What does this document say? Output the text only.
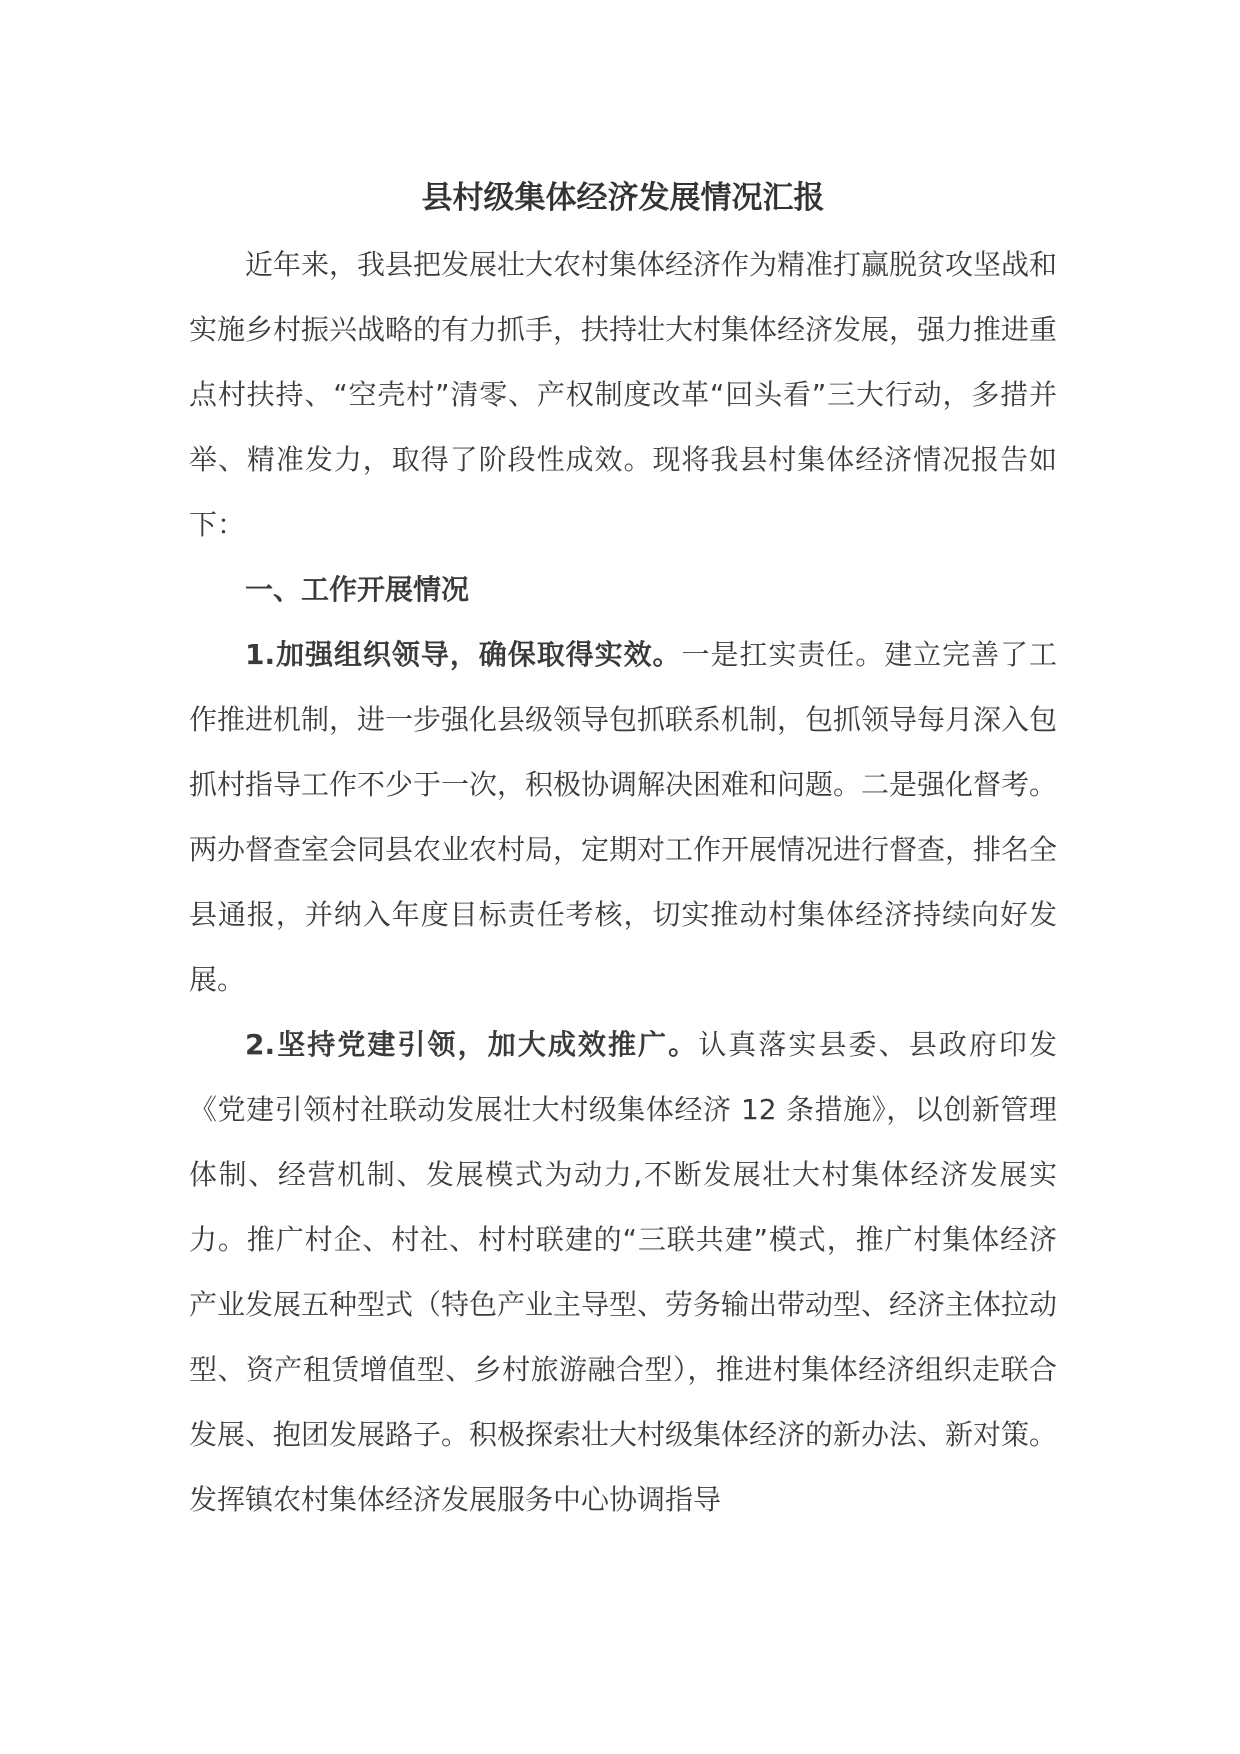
县村级集体经济发展情况汇报

近年来，我县把发展壮大农村集体经济作为精准打赢脱贫攻坚战和实施乡村振兴战略的有力抓手，扶持壮大村集体经济发展，强力推进重点村扶持、“空壳村”清零、产权制度改革“回头看”三大行动，多措并举、精准发力，取得了阶段性成效。现将我县村集体经济情况报告如下：

一、工作开展情况

1.加强组织领导，确保取得实效。一是扛实责任。建立完善了工作推进机制，进一步强化县级领导包抓联系机制，包抓领导每月深入包抓村指导工作不少于一次，积极协调解决困难和问题。二是强化督考。两办督查室会同县农业农村局，定期对工作开展情况进行督查，排名全县通报，并纳入年度目标责任考核，切实推动村集体经济持续向好发展。

2.坚持党建引领，加大成效推广。认真落实县委、县政府印发《党建引领村社联动发展壮大村级集体经济 12 条措施》，以创新管理体制、经营机制、发展模式为动力,不断发展壮大村集体经济发展实力。推广村企、村社、村村联建的“三联共建”模式，推广村集体经济产业发展五种型式（特色产业主导型、劳务输出带动型、经济主体拉动型、资产租赁增值型、乡村旅游融合型），推进村集体经济组织走联合发展、抱团发展路子。积极探索壮大村级集体经济的新办法、新对策。发挥镇农村集体经济发展服务中心协调指导
